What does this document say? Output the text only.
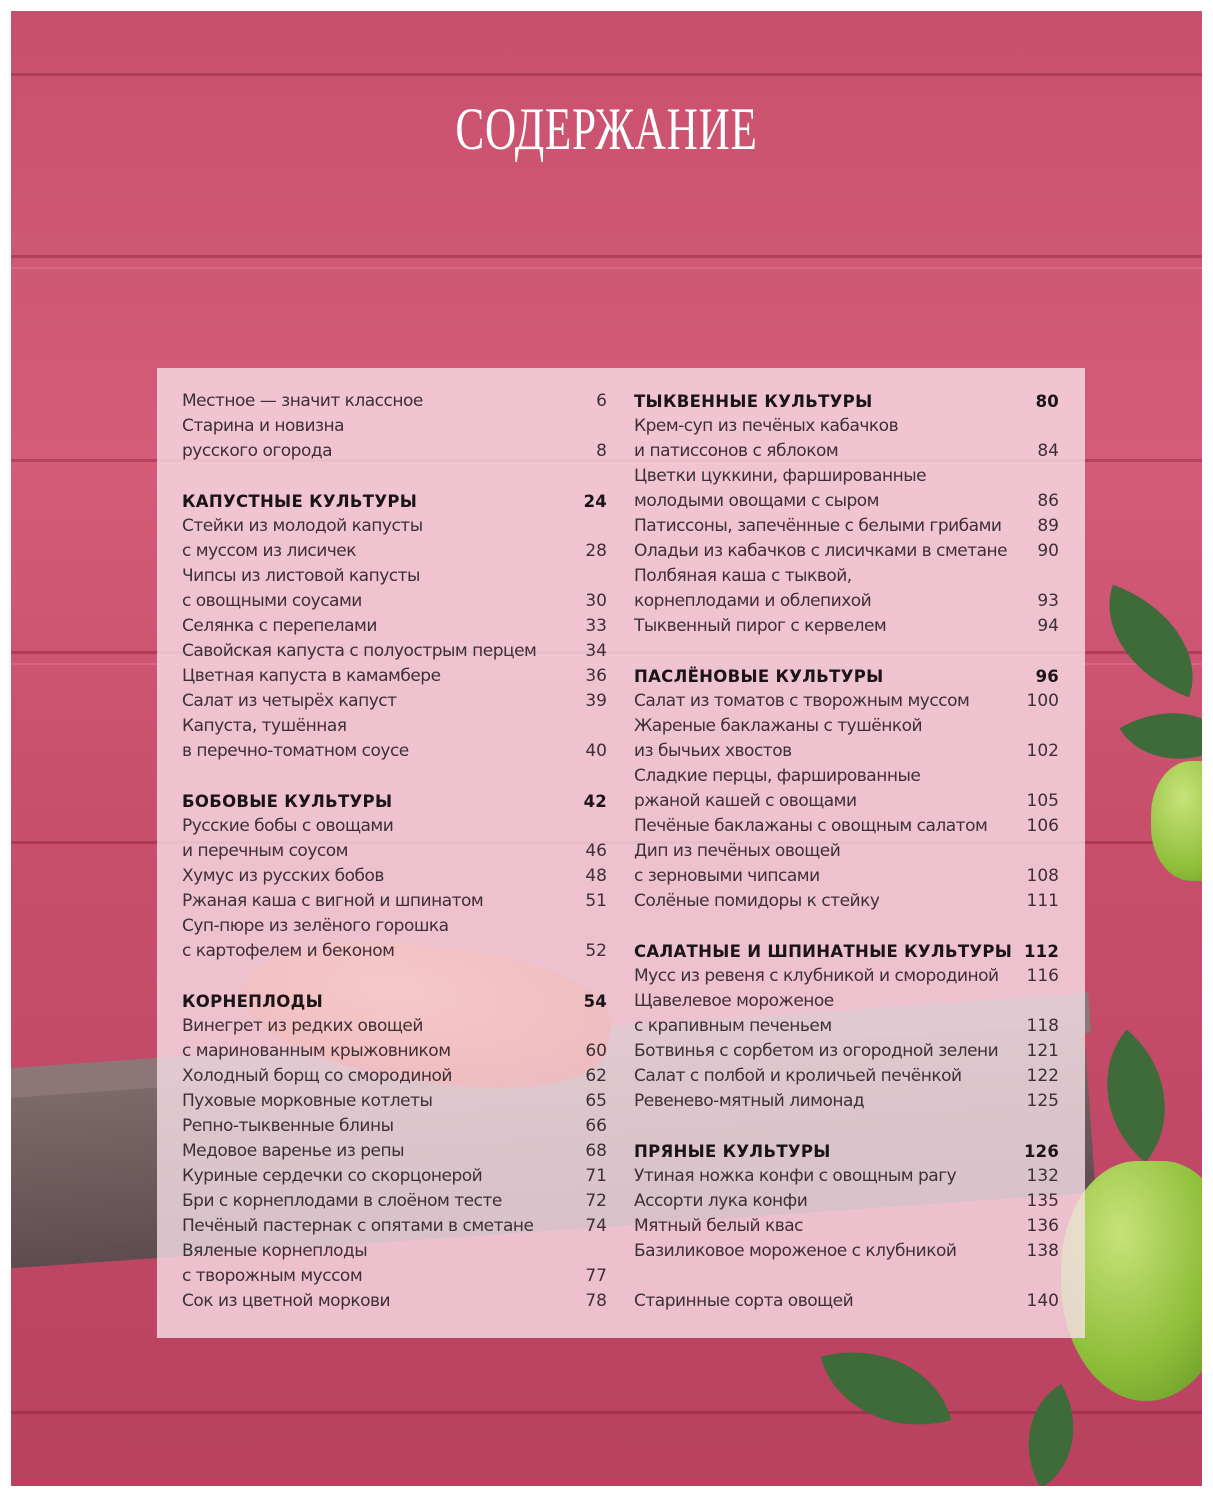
СОДЕРЖАНИЕ
Местное — значит классное	6
Старина и новизна
русского огорода	8
КАПУСТНЫЕ КУЛЬТУРЫ	24
Стейки из молодой капусты
с муссом из лисичек	28
Чипсы из листовой капусты
с овощными соусами	30
Селянка с перепелами	33
Савойская капуста с полуострым перцем	34
Цветная капуста в камамбере	36
Салат из четырёх капуст	39
Капуста, тушённая
в перечно-томатном соусе	40
БОБОВЫЕ КУЛЬТУРЫ	42
Русские бобы с овощами
и перечным соусом	46
Хумус из русских бобов	48
Ржаная каша с вигной и шпинатом	51
Суп-пюре из зелёного горошка
с картофелем и беконом	52
КОРНЕПЛОДЫ	54
Винегрет из редких овощей
с маринованным крыжовником	60
Холодный борщ со смородиной	62
Пуховые морковные котлеты	65
Репно-тыквенные блины	66
Медовое варенье из репы	68
Куриные сердечки со скорцонерой	71
Бри с корнеплодами в слоёном тесте	72
Печёный пастернак с опятами в сметане	74
Вяленые корнеплоды
с творожным муссом	77
Сок из цветной моркови	78
ТЫКВЕННЫЕ КУЛЬТУРЫ	80
Крем-суп из печёных кабачков
и патиссонов с яблоком	84
Цветки цуккини, фаршированные
молодыми овощами с сыром	86
Патиссоны, запечённые с белыми грибами 89
Оладьи из кабачков с лисичками в сметане 90
Полбяная каша с тыквой,
корнеплодами и облепихой	93
Тыквенный пирог с кервелем	94
ПАСЛЁНОВЫЕ КУЛЬТУРЫ	96
Салат из томатов с творожным муссом	100
Жареные баклажаны с тушёнкой
из бычьих хвостов	102
Сладкие перцы, фаршированные
ржаной кашей с овощами	105
Печёные баклажаны с овощным салатом 106
Дип из печёных овощей
с зерновыми чипсами	108
Солёные помидоры к стейку	111
САЛАТНЫЕ И ШПИНАТНЫЕ КУЛЬТУРЫ 112
Мусс из ревеня с клубникой и смородиной 116
Щавелевое мороженое
с крапивным печеньем	118
Ботвинья с сорбетом из огородной зелени 121
Салат с полбой и кроличьей печёнкой	122
Ревенево-мятный лимонад	125
ПРЯНЫЕ КУЛЬТУРЫ	126
Утиная ножка конфи с овощным рагу	132
Ассорти лука конфи	135
Мятный белый квас	136
Базиликовое мороженое с клубникой	138
Старинные сорта овощей	140
